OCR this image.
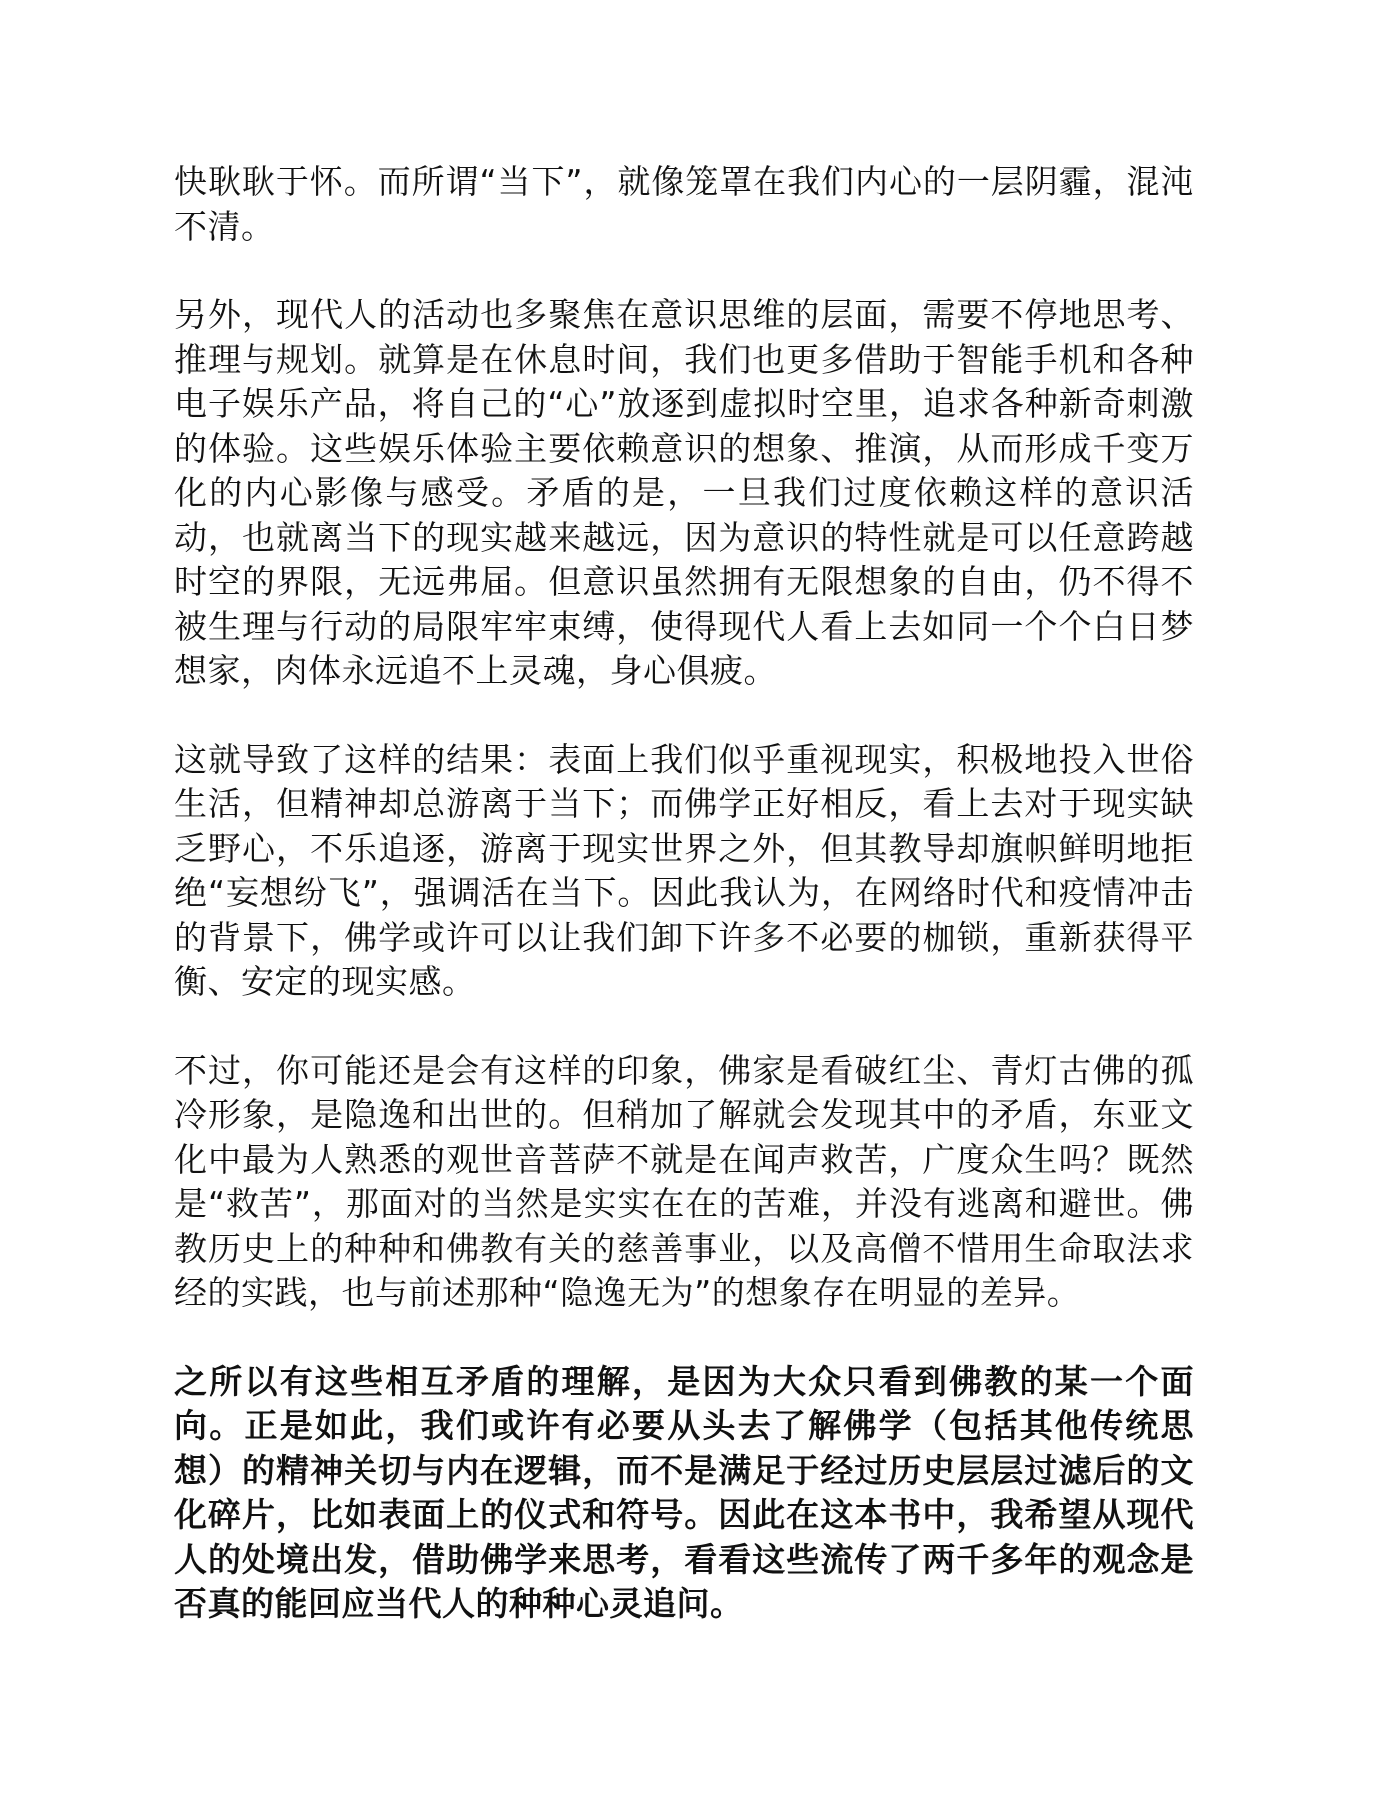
快耿耿于怀。而所谓“当下”，就像笼罩在我们内心的一层阴霾，混沌不清。

另外，现代人的活动也多聚焦在意识思维的层面，需要不停地思考、推理与规划。就算是在休息时间，我们也更多借助于智能手机和各种电子娱乐产品，将自己的“心”放逐到虚拟时空里，追求各种新奇刺激的体验。这些娱乐体验主要依赖意识的想象、推演，从而形成千变万化的内心影像与感受。矛盾的是，一旦我们过度依赖这样的意识活动，也就离当下的现实越来越远，因为意识的特性就是可以任意跨越时空的界限，无远弗届。但意识虽然拥有无限想象的自由，仍不得不被生理与行动的局限牢牢束缚，使得现代人看上去如同一个个白日梦想家，肉体永远追不上灵魂，身心俱疲。

这就导致了这样的结果：表面上我们似乎重视现实，积极地投入世俗生活，但精神却总游离于当下；而佛学正好相反，看上去对于现实缺乏野心，不乐追逐，游离于现实世界之外，但其教导却旗帜鲜明地拒绝“妄想纷飞”，强调活在当下。因此我认为，在网络时代和疫情冲击的背景下，佛学或许可以让我们卸下许多不必要的枷锁，重新获得平衡、安定的现实感。

不过，你可能还是会有这样的印象，佛家是看破红尘、青灯古佛的孤冷形象，是隐逸和出世的。但稍加了解就会发现其中的矛盾，东亚文化中最为人熟悉的观世音菩萨不就是在闻声救苦，广度众生吗？既然是“救苦”，那面对的当然是实实在在的苦难，并没有逃离和避世。佛教历史上的种种和佛教有关的慈善事业，以及高僧不惜用生命取法求经的实践，也与前述那种“隐逸无为”的想象存在明显的差异。

之所以有这些相互矛盾的理解，是因为大众只看到佛教的某一个面向。正是如此，我们或许有必要从头去了解佛学（包括其他传统思想）的精神关切与内在逻辑，而不是满足于经过历史层层过滤后的文化碎片，比如表面上的仪式和符号。因此在这本书中，我希望从现代人的处境出发，借助佛学来思考，看看这些流传了两千多年的观念是否真的能回应当代人的种种心灵追问。
